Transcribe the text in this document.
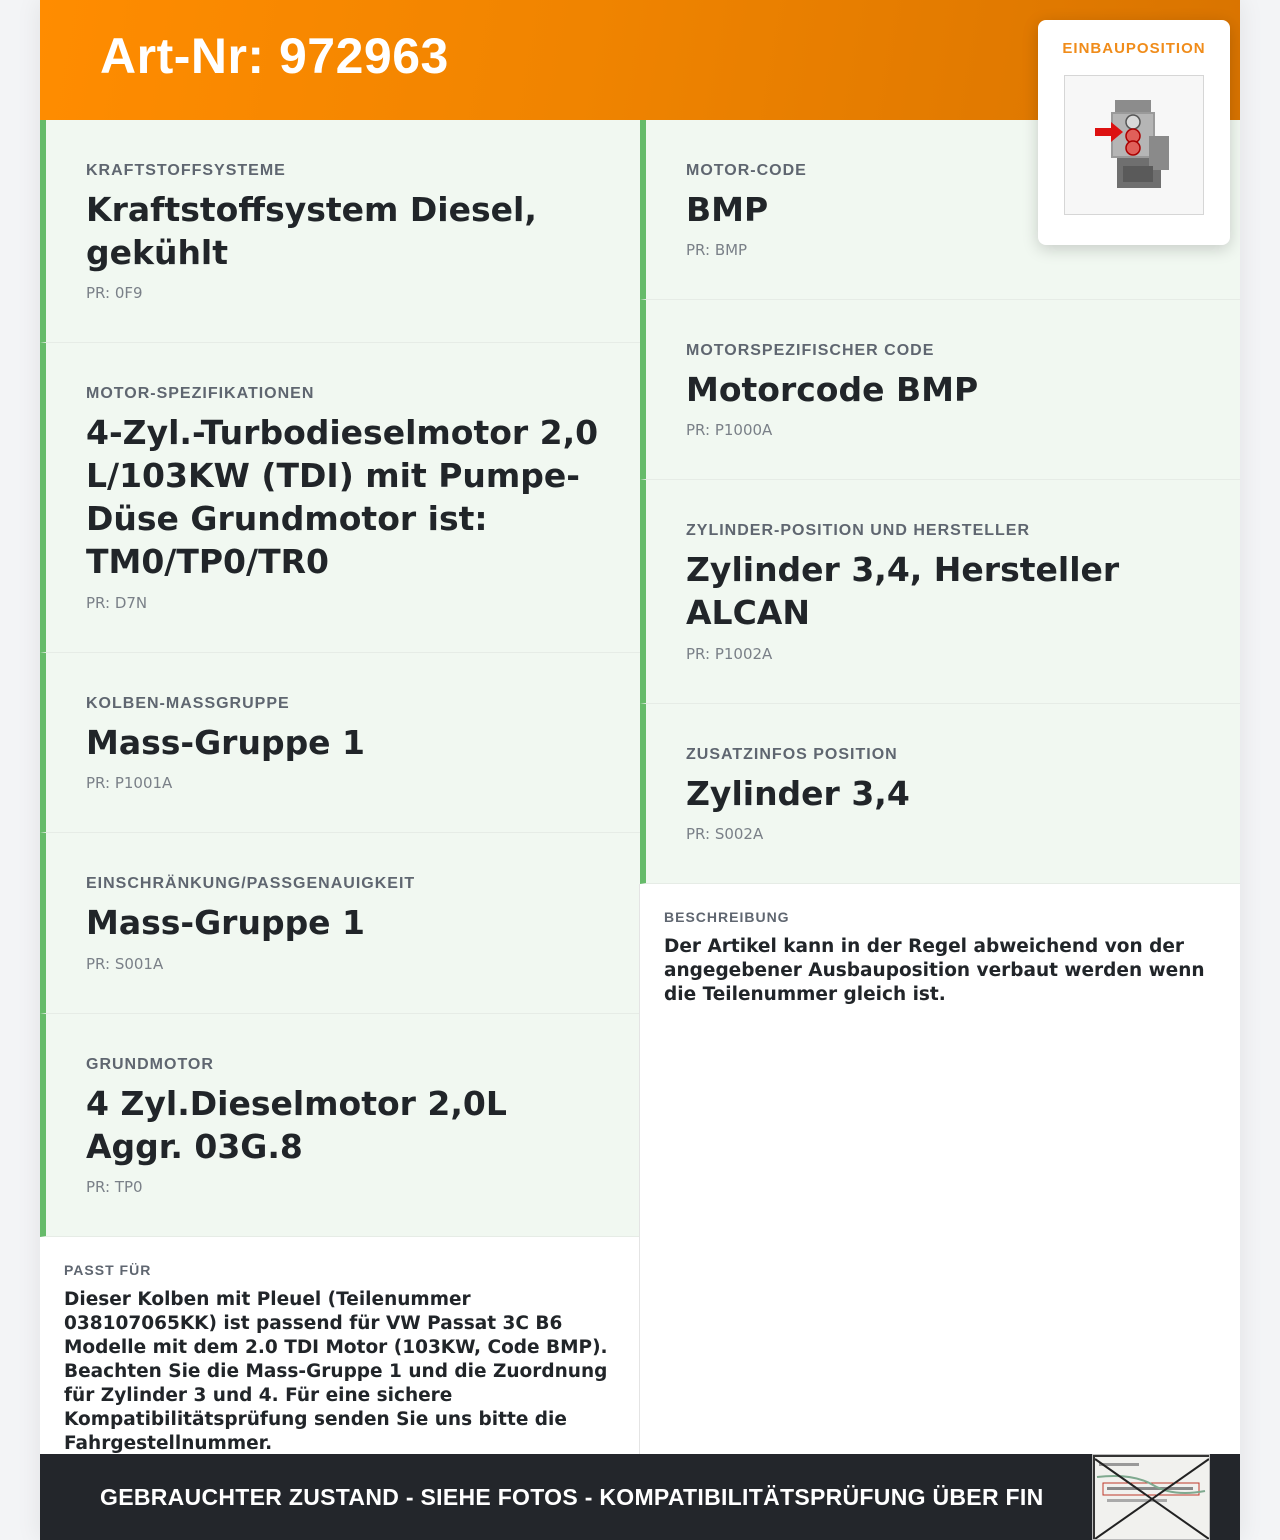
Art-Nr: 972963	EINBAUPOSITION
KRAFTSTOFFSYSTEME
Kraftstoffsystem Diesel, gekühlt
PR: 0F9
MOTOR-SPEZIFIKATIONEN
4-Zyl.-Turbodieselmotor 2,0 L/103KW (TDI) mit Pumpe-Düse Grundmotor ist: TM0/TP0/TR0
PR: D7N
KOLBEN-MASSGRUPPE
Mass-Gruppe 1
PR: P1001A
EINSCHRÄNKUNG/PASSGENAUIGKEIT
Mass-Gruppe 1
PR: S001A
GRUNDMOTOR
4 Zyl.Dieselmotor 2,0L Aggr. 03G.8
PR: TP0
MOTOR-CODE
BMP
PR: BMP
MOTORSPEZIFISCHER CODE
Motorcode BMP
PR: P1000A
ZYLINDER-POSITION UND HERSTELLER
Zylinder 3,4, Hersteller ALCAN
PR: P1002A
ZUSATZINFOS POSITION
Zylinder 3,4
PR: S002A
PASST FÜR
Dieser Kolben mit Pleuel (Teilenummer 038107065KK) ist passend für VW Passat 3C B6 Modelle mit dem 2.0 TDI Motor (103KW, Code BMP). Beachten Sie die Mass-Gruppe 1 und die Zuordnung für Zylinder 3 und 4. Für eine sichere Kompatibilitätsprüfung senden Sie uns bitte die Fahrgestellnummer.
BESCHREIBUNG
Der Artikel kann in der Regel abweichend von der angegebener Ausbauposition verbaut werden wenn die Teilenummer gleich ist.
GEBRAUCHTER ZUSTAND - SIEHE FOTOS - KOMPATIBILITÄTSPRÜFUNG ÜBER FIN
